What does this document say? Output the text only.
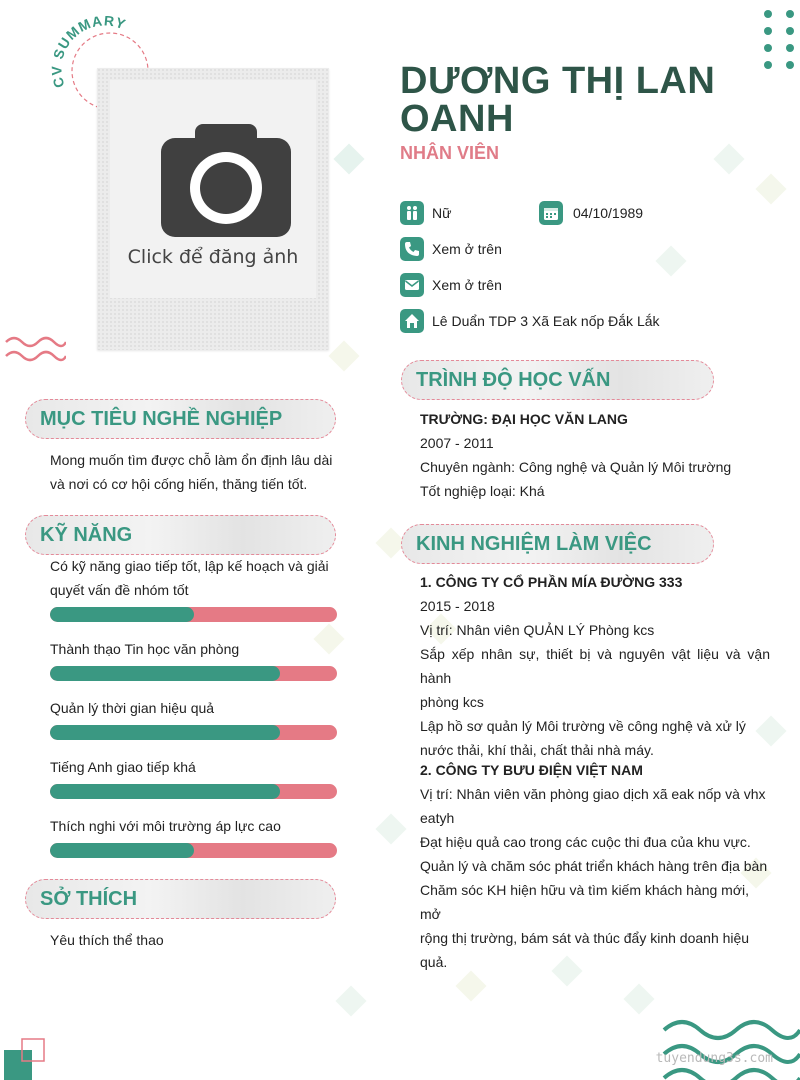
CV SUMMARY
Click để đăng ảnh
DƯƠNG THỊ LAN OANH
NHÂN VIÊN
Nữ	04/10/1989
Xem ở trên
Xem ở trên
Lê Duẩn TDP 3 Xã Eak nốp Đắk Lắk
MỤC TIÊU NGHỀ NGHIỆP
Mong muốn tìm được chỗ làm ổn định lâu dài
và nơi có cơ hội cống hiến, thăng tiến tốt.
KỸ NĂNG
Có kỹ năng giao tiếp tốt, lập kế hoạch và giải
quyết vấn đề nhóm tốt
Thành thạo Tin học văn phòng
Quản lý thời gian hiệu quả
Tiếng Anh giao tiếp khá
Thích nghi với môi trường áp lực cao
SỞ THÍCH
Yêu thích thể thao
TRÌNH ĐỘ HỌC VẤN
TRƯỜNG: ĐẠI HỌC VĂN LANG
2007 - 2011
Chuyên ngành: Công nghệ và Quản lý Môi trường
Tốt nghiệp loại: Khá
KINH NGHIỆM LÀM VIỆC
1. CÔNG TY CỔ PHẦN MÍA ĐƯỜNG 333
2015 - 2018
Vị trí: Nhân viên QUẢN LÝ Phòng kcs
Sắp xếp nhân sự, thiết bị và nguyên vật liệu và vận hành
phòng kcs
Lập hồ sơ quản lý Môi trường về công nghệ và xử lý
nước thải, khí thải, chất thải nhà máy.
2. CÔNG TY BƯU ĐIỆN VIỆT NAM
Vị trí: Nhân viên văn phòng giao dịch xã eak nốp và vhx
eatyh
Đạt hiệu quả cao trong các cuộc thi đua của khu vực.
Quản lý và chăm sóc phát triển khách hàng trên địa bàn
Chăm sóc KH hiện hữu và tìm kiếm khách hàng mới, mở
rộng thị trường, bám sát và thúc đẩy kinh doanh hiệu
quả.
tuyendung3s.com
